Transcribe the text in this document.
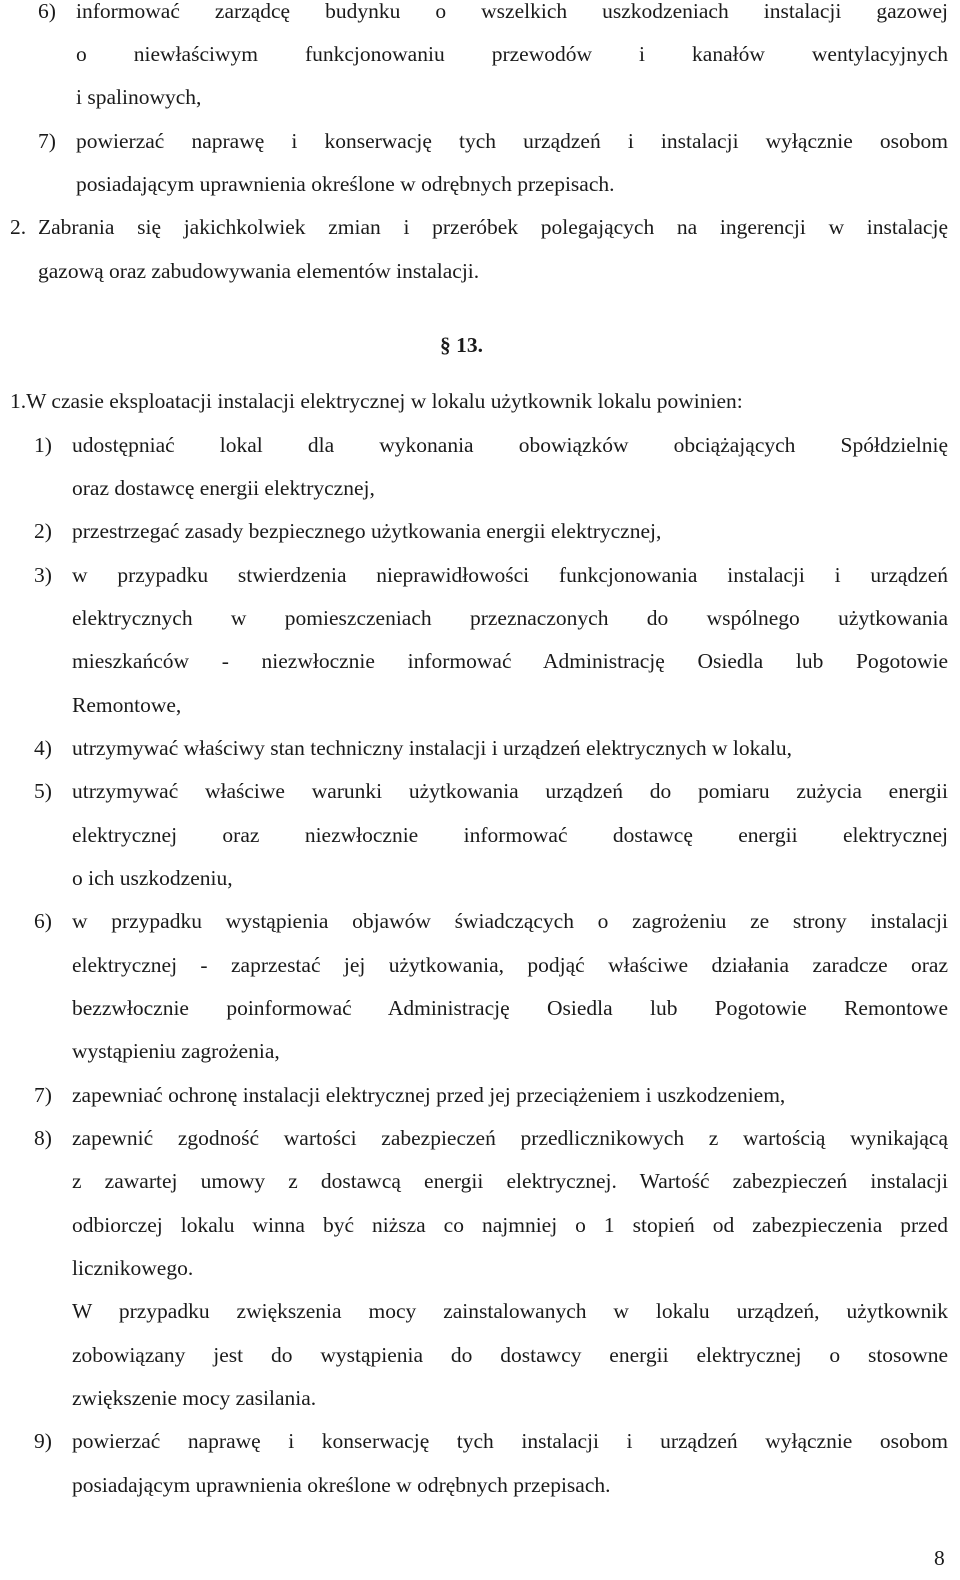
6) informować zarządcę budynku o wszelkich uszkodzeniach instalacji gazowej
o niewłaściwym funkcjonowaniu przewodów i kanałów wentylacyjnych
i spalinowych,
7) powierzać naprawę i konserwację tych urządzeń i instalacji wyłącznie osobom
posiadającym uprawnienia określone w odrębnych przepisach.
2. Zabrania się jakichkolwiek zmian i przeróbek polegających na ingerencji w instalację
gazową oraz zabudowywania elementów instalacji.
§ 13.
1.W czasie eksploatacji instalacji elektrycznej w lokalu użytkownik lokalu powinien:
1) udostępniać lokal dla wykonania obowiązków obciążających Spółdzielnię
oraz dostawcę energii elektrycznej,
2) przestrzegać zasady bezpiecznego użytkowania energii elektrycznej,
3) w przypadku stwierdzenia nieprawidłowości funkcjonowania instalacji i urządzeń
elektrycznych w pomieszczeniach przeznaczonych do wspólnego użytkowania
mieszkańców - niezwłocznie informować Administrację Osiedla lub Pogotowie
Remontowe,
4) utrzymywać właściwy stan techniczny instalacji i urządzeń elektrycznych w lokalu,
5) utrzymywać właściwe warunki użytkowania urządzeń do pomiaru zużycia energii
elektrycznej oraz niezwłocznie informować dostawcę energii elektrycznej
o ich uszkodzeniu,
6) w przypadku wystąpienia objawów świadczących o zagrożeniu ze strony instalacji
elektrycznej - zaprzestać jej użytkowania, podjąć właściwe działania zaradcze oraz
bezzwłocznie poinformować Administrację Osiedla lub Pogotowie Remontowe
wystąpieniu zagrożenia,
7) zapewniać ochronę instalacji elektrycznej przed jej przeciążeniem i uszkodzeniem,
8) zapewnić zgodność wartości zabezpieczeń przedlicznikowych z wartością wynikającą
z zawartej umowy z dostawcą energii elektrycznej. Wartość zabezpieczeń instalacji
odbiorczej lokalu winna być niższa co najmniej o 1 stopień od zabezpieczenia przed
licznikowego.
W przypadku zwiększenia mocy zainstalowanych w lokalu urządzeń, użytkownik
zobowiązany jest do wystąpienia do dostawcy energii elektrycznej o stosowne
zwiększenie mocy zasilania.
9) powierzać naprawę i konserwację tych instalacji i urządzeń wyłącznie osobom
posiadającym uprawnienia określone w odrębnych przepisach.
8
